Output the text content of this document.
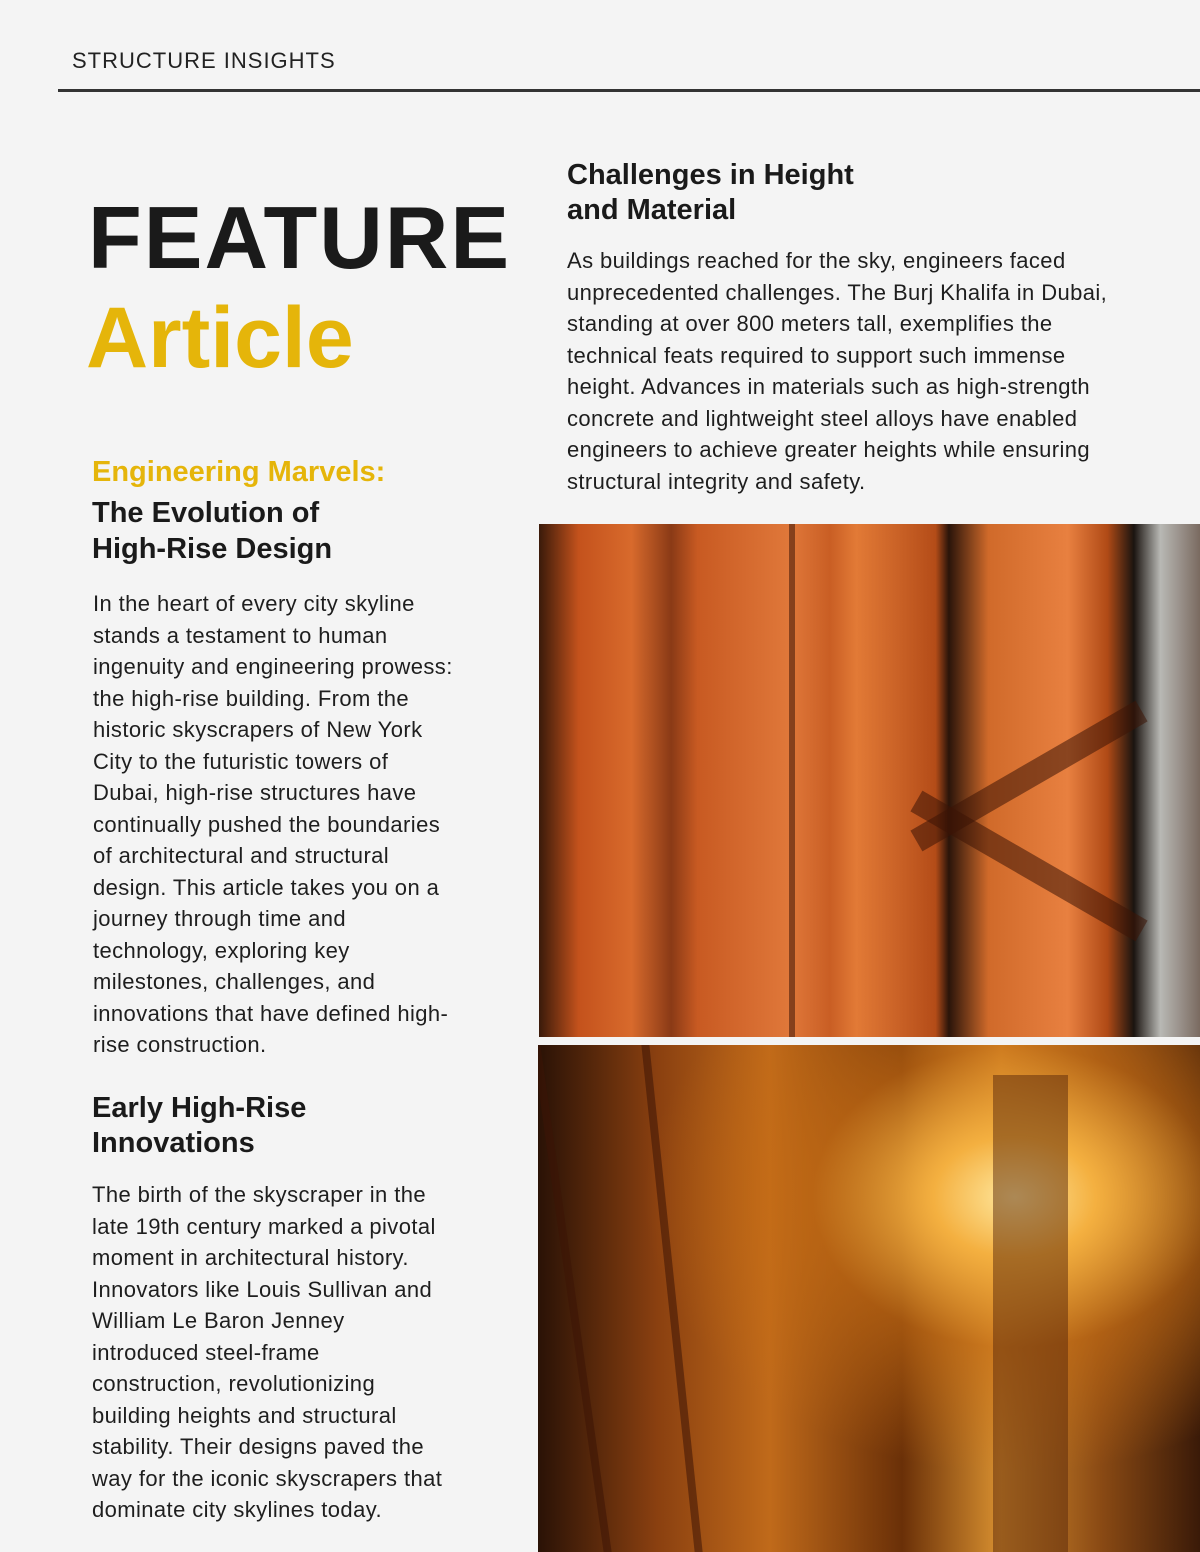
STRUCTURE INSIGHTS
FEATURE
Article
Engineering Marvels:
The Evolution of
High-Rise Design
In the heart of every city skyline
stands a testament to human
ingenuity and engineering prowess:
the high-rise building. From the
historic skyscrapers of New York
City to the futuristic towers of
Dubai, high-rise structures have
continually pushed the boundaries
of architectural and structural
design. This article takes you on a
journey through time and
technology, exploring key
milestones, challenges, and
innovations that have defined high-
rise construction.
Early High-Rise
Innovations
The birth of the skyscraper in the
late 19th century marked a pivotal
moment in architectural history.
Innovators like Louis Sullivan and
William Le Baron Jenney
introduced steel-frame
construction, revolutionizing
building heights and structural
stability. Their designs paved the
way for the iconic skyscrapers that
dominate city skylines today.
Challenges in Height
and Material
As buildings reached for the sky, engineers faced
unprecedented challenges. The Burj Khalifa in Dubai,
standing at over 800 meters tall, exemplifies the
technical feats required to support such immense
height. Advances in materials such as high-strength
concrete and lightweight steel alloys have enabled
engineers to achieve greater heights while ensuring
structural integrity and safety.
